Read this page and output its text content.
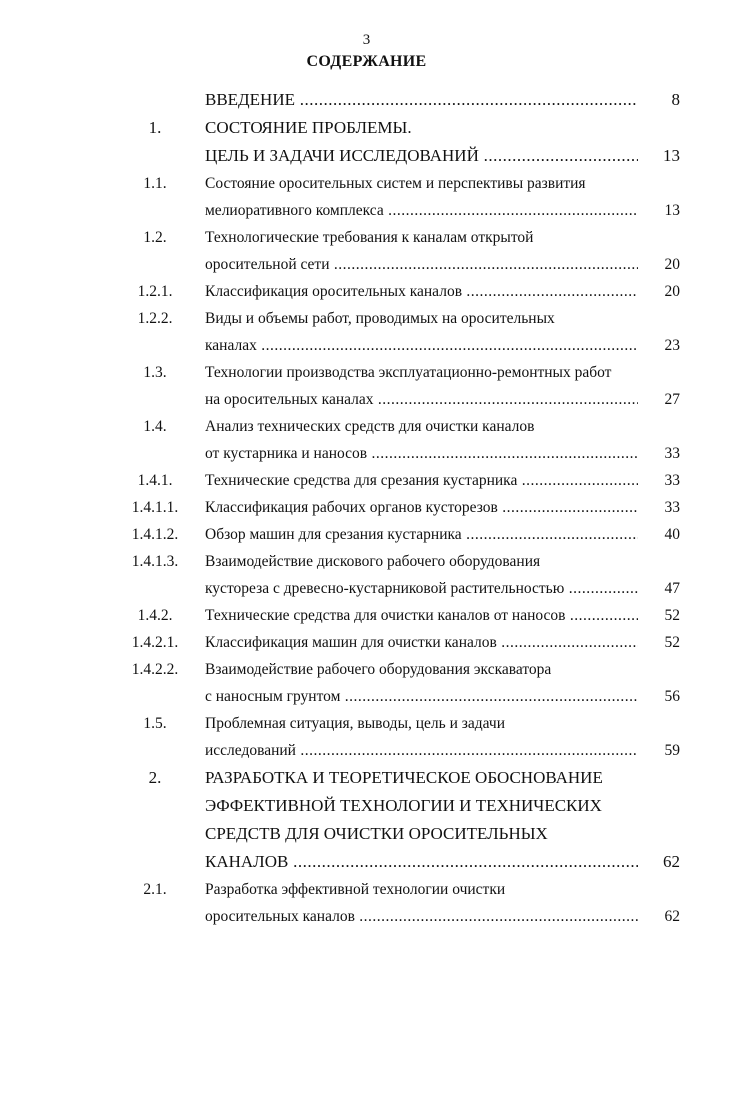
3
СОДЕРЖАНИЕ
ВВЕДЕНИЕ .....	8
1.	СОСТОЯНИЕ ПРОБЛЕМЫ.
ЦЕЛЬ И ЗАДАЧИ ИССЛЕДОВАНИЙ .....	13
1.1.	Состояние оросительных систем и перспективы развития
мелиоративного комплекса .....	13
1.2.	Технологические требования к каналам открытой
оросительной сети .....	20
1.2.1.	Классификация оросительных каналов .....	20
1.2.2.	Виды и объемы работ, проводимых на оросительных
каналах .....	23
1.3.	Технологии производства эксплуатационно-ремонтных работ
на оросительных каналах .....	27
1.4.	Анализ технических средств для очистки каналов
от кустарника и наносов .....	33
1.4.1.	Технические средства для срезания кустарника .....	33
1.4.1.1.	Классификация рабочих органов кусторезов .....	33
1.4.1.2.	Обзор машин для срезания кустарника .....	40
1.4.1.3.	Взаимодействие дискового рабочего оборудования
кустореза с древесно-кустарниковой растительностью .....	47
1.4.2.	Технические средства для очистки каналов от наносов .....	52
1.4.2.1.	Классификация машин для очистки каналов .....	52
1.4.2.2.	Взаимодействие рабочего оборудования экскаватора
с наносным грунтом .....	56
1.5.	Проблемная ситуация, выводы, цель и задачи
исследований .....	59
2.	РАЗРАБОТКА И ТЕОРЕТИЧЕСКОЕ ОБОСНОВАНИЕ
ЭФФЕКТИВНОЙ ТЕХНОЛОГИИ И ТЕХНИЧЕСКИХ
СРЕДСТВ ДЛЯ ОЧИСТКИ ОРОСИТЕЛЬНЫХ
КАНАЛОВ .....	62
2.1.	Разработка эффективной технологии очистки
оросительных каналов .....	62
